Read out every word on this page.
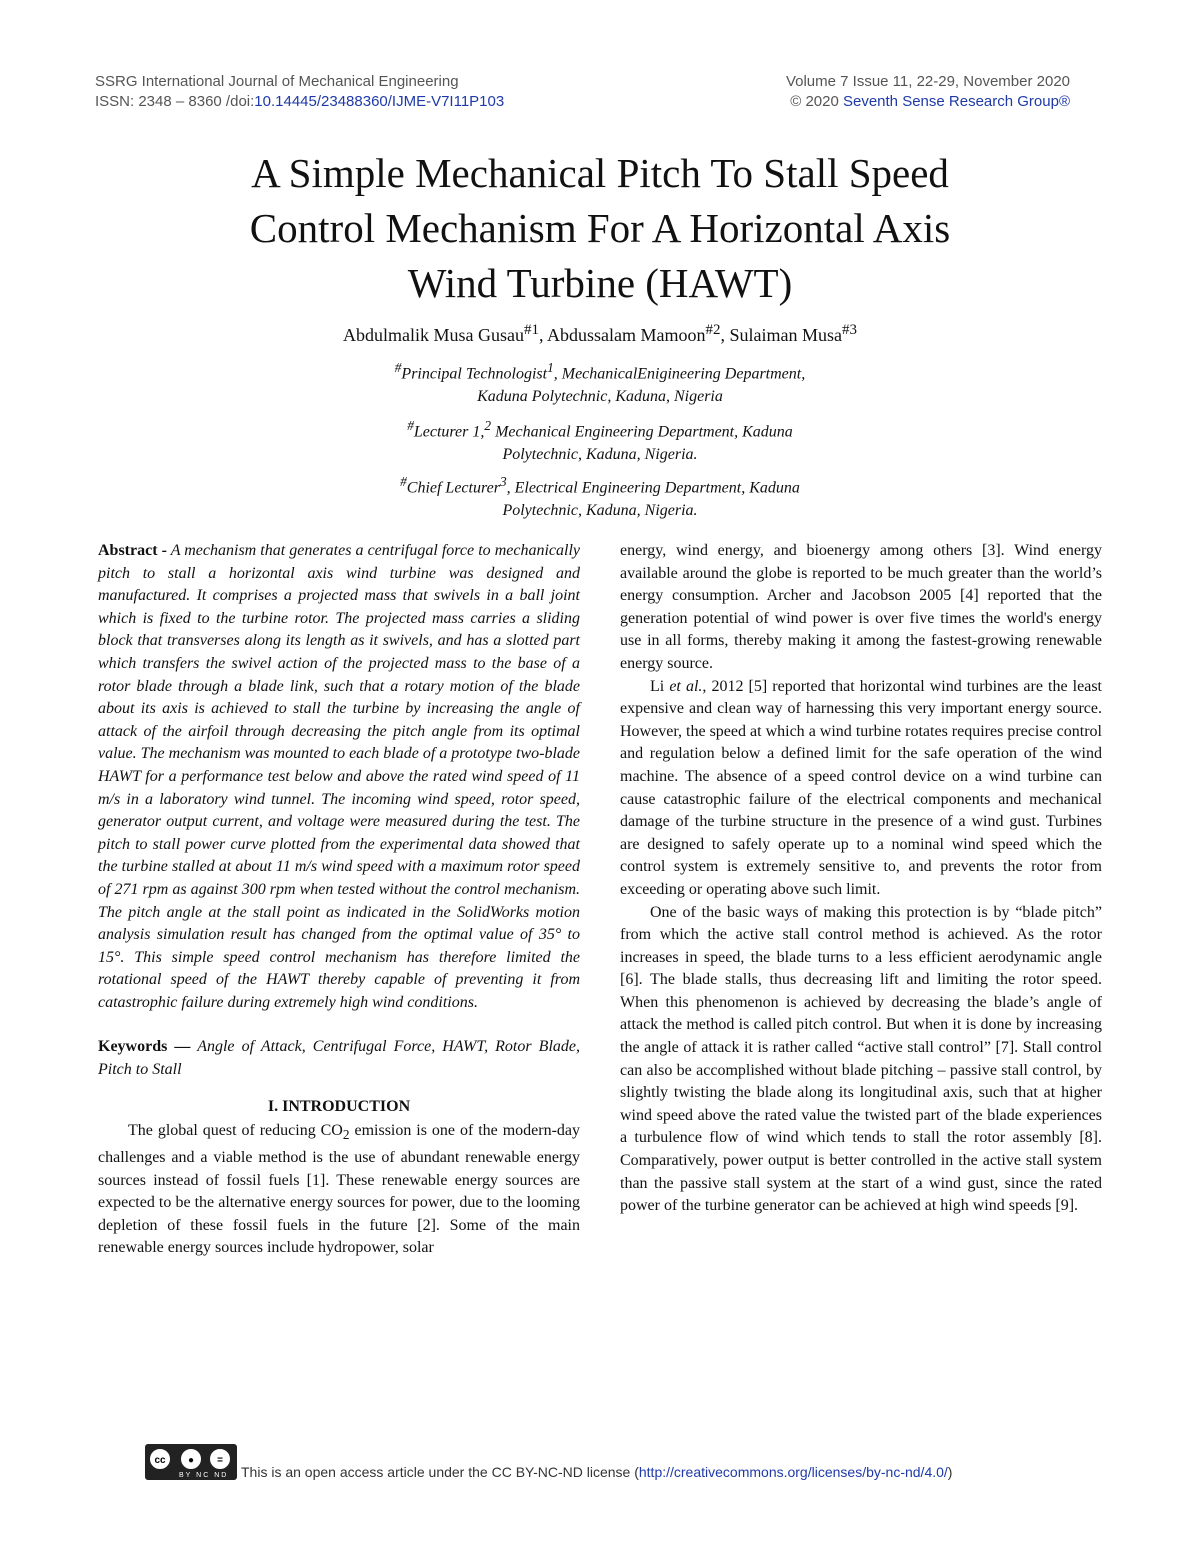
SSRG International Journal of Mechanical Engineering
ISSN: 2348 – 8360 /doi:10.14445/23488360/IJME-V7I11P103
Volume 7 Issue 11, 22-29, November 2020
© 2020 Seventh Sense Research Group®
A Simple Mechanical Pitch To Stall Speed
Control Mechanism For A Horizontal Axis
Wind Turbine (HAWT)
Abdulmalik Musa Gusau$^{\#1}$, Abdussalam Mamoon$^{\#2}$, Sulaiman Musa$^{\#3}$
#Principal Technologist$^1$, MechanicalEnigineering Department,
Kaduna Polytechnic, Kaduna, Nigeria
#Lecturer 1,$^2$ Mechanical Engineering Department, Kaduna
Polytechnic, Kaduna, Nigeria.
#Chief Lecturer$^3$, Electrical Engineering Department, Kaduna
Polytechnic, Kaduna, Nigeria.

Abstract - A mechanism that generates a centrifugal force to mechanically pitch to stall a horizontal axis wind turbine was designed and manufactured. It comprises a projected mass that swivels in a ball joint which is fixed to the turbine rotor. The projected mass carries a sliding block that transverses along its length as it swivels, and has a slotted part which transfers the swivel action of the projected mass to the base of a rotor blade through a blade link, such that a rotary motion of the blade about its axis is achieved to stall the turbine by increasing the angle of attack of the airfoil through decreasing the pitch angle from its optimal value. The mechanism was mounted to each blade of a prototype two-blade HAWT for a performance test below and above the rated wind speed of 11 m/s in a laboratory wind tunnel. The incoming wind speed, rotor speed, generator output current, and voltage were measured during the test. The pitch to stall power curve plotted from the experimental data showed that the turbine stalled at about 11 m/s wind speed with a maximum rotor speed of 271 rpm as against 300 rpm when tested without the control mechanism. The pitch angle at the stall point as indicated in the SolidWorks motion analysis simulation result has changed from the optimal value of 35° to 15°. This simple speed control mechanism has therefore limited the rotational speed of the HAWT thereby capable of preventing it from catastrophic failure during extremely high wind conditions.

Keywords — Angle of Attack, Centrifugal Force, HAWT, Rotor Blade, Pitch to Stall

I. INTRODUCTION

The global quest of reducing $CO_2$ emission is one of the modern-day challenges and a viable method is the use of abundant renewable energy sources instead of fossil fuels [1]. These renewable energy sources are expected to be the alternative energy sources for power, due to the looming depletion of these fossil fuels in the future [2]. Some of the main renewable energy sources include hydropower, solar

energy, wind energy, and bioenergy among others [3]. Wind energy available around the globe is reported to be much greater than the world’s energy consumption. Archer and Jacobson 2005 [4] reported that the generation potential of wind power is over five times the world's energy use in all forms, thereby making it among the fastest-growing renewable energy source.

Li et al., 2012 [5] reported that horizontal wind turbines are the least expensive and clean way of harnessing this very important energy source. However, the speed at which a wind turbine rotates requires precise control and regulation below a defined limit for the safe operation of the wind machine. The absence of a speed control device on a wind turbine can cause catastrophic failure of the electrical components and mechanical damage of the turbine structure in the presence of a wind gust. Turbines are designed to safely operate up to a nominal wind speed which the control system is extremely sensitive to, and prevents the rotor from exceeding or operating above such limit.

One of the basic ways of making this protection is by “blade pitch” from which the active stall control method is achieved. As the rotor increases in speed, the blade turns to a less efficient aerodynamic angle [6]. The blade stalls, thus decreasing lift and limiting the rotor speed. When this phenomenon is achieved by decreasing the blade’s angle of attack the method is called pitch control. But when it is done by increasing the angle of attack it is rather called “active stall control” [7]. Stall control can also be accomplished without blade pitching – passive stall control, by slightly twisting the blade along its longitudinal axis, such that at higher wind speed above the rated value the twisted part of the blade experiences a turbulence flow of wind which tends to stall the rotor assembly [8]. Comparatively, power output is better controlled in the active stall system than the passive stall system at the start of a wind gust, since the rated power of the turbine generator can be achieved at high wind speeds [9].

cc	●	=
BY NC ND This is an open access article under the CC BY-NC-ND license (http://creativecommons.org/licenses/by-nc-nd/4.0/)
